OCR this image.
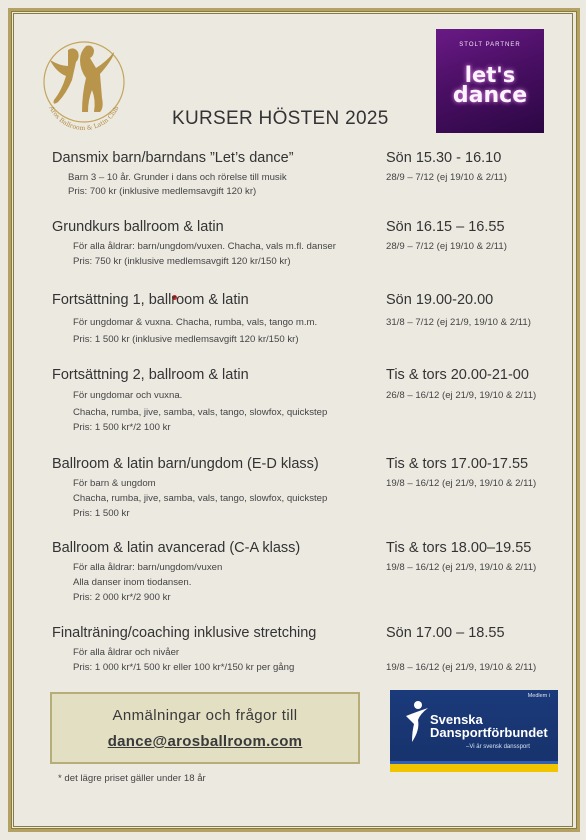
Aros Ballroom & Latin Club	KURSER HÖSTEN 2025
STOLT PARTNER
let's
dance
Dansmix barn/barndans ”Let’s dance”	Sön 15.30 - 16.10
Barn 3 – 10 år. Grunder i dans och rörelse till musik
Pris: 700 kr (inklusive medlemsavgift 120 kr)
28/9 – 7/12 (ej 19/10 & 2/11)
Grundkurs ballroom & latin	Sön 16.15 – 16.55
För alla åldrar: barn/ungdom/vuxen. Chacha, vals m.fl. danser
Pris: 750 kr (inklusive medlemsavgift 120 kr/150 kr)
28/9 – 7/12 (ej 19/10 & 2/11)
Fortsättning 1, ballroom & latin	Sön 19.00-20.00
För ungdomar & vuxna. Chacha, rumba, vals, tango m.m.
Pris: 1 500 kr (inklusive medlemsavgift 120 kr/150 kr)
31/8 – 7/12 (ej 21/9, 19/10 & 2/11)
Fortsättning 2, ballroom & latin	Tis & tors 20.00-21-00
För ungdomar och vuxna.
Chacha, rumba, jive, samba, vals, tango, slowfox, quickstep
Pris: 1 500 kr*/2 100 kr
26/8 – 16/12 (ej 21/9, 19/10 & 2/11)
Ballroom & latin barn/ungdom (E-D klass)	Tis & tors 17.00-17.55
För barn & ungdom
Chacha, rumba, jive, samba, vals, tango, slowfox, quickstep
Pris: 1 500 kr
19/8 – 16/12 (ej 21/9, 19/10 & 2/11)
Ballroom & latin avancerad (C-A klass)	Tis & tors 18.00–19.55
För alla åldrar: barn/ungdom/vuxen
Alla danser inom tiodansen.
Pris: 2 000 kr*/2 900 kr
19/8 – 16/12 (ej 21/9, 19/10 & 2/11)
Finalträning/coaching inklusive stretching	Sön 17.00 – 18.55
För alla åldrar och nivåer
Pris: 1 000 kr*/1 500 kr eller 100 kr*/150 kr per gång	19/8 – 16/12 (ej 21/9, 19/10 & 2/11)
Anmälningar och frågor till
dance@arosballroom.com
* det lägre priset gäller under 18 år
Medlem i
Svenska
Dansportförbundet
–Vi är svensk danssport
